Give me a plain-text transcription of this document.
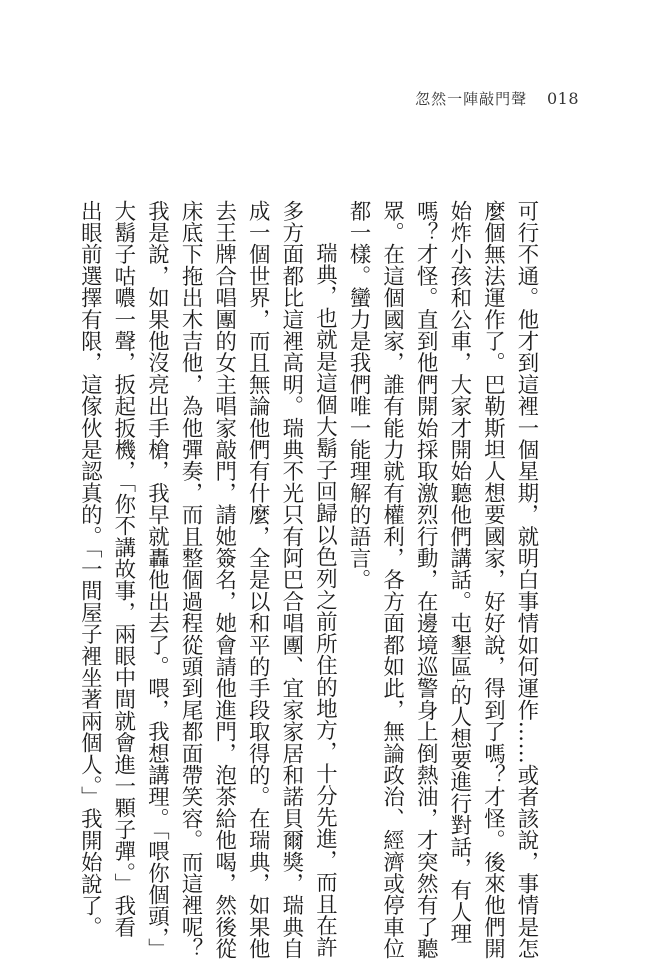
忽然一陣敲門聲 018
可行不通。他才到這裡一個星期，就明白事情如何運作……或者該說，事情是怎
麼個無法運作了。巴勒斯坦人想要國家，好好說，得到了嗎？才怪。後來他們開
始炸小孩和公車，大家才開始聽他們講話。屯墾區1的人想要進行對話，有人理
嗎？才怪。直到他們開始採取激烈行動，在邊境巡警身上倒熱油，才突然有了聽
眾。在這個國家，誰有能力就有權利，各方面都如此，無論政治、經濟或停車位
都一樣。蠻力是我們唯一能理解的語言。
瑞典，也就是這個大鬍子回歸以色列之前所住的地方，十分先進，而且在許
多方面都比這裡高明。瑞典不光只有阿巴合唱團、宜家家居和諾貝爾獎，瑞典自
成一個世界，而且無論他們有什麼，全是以和平的手段取得的。在瑞典，如果他
去王牌合唱團的女主唱家敲門，請她簽名，她會請他進門，泡茶給他喝，然後從
床底下拖出木吉他，為他彈奏，而且整個過程從頭到尾都面帶笑容。而這裡呢？
我是說，如果他沒亮出手槍，我早就轟他出去了。喂，我想講理。「喂你個頭，」
大鬍子咕噥一聲，扳起扳機，「你不講故事，兩眼中間就會進一顆子彈。」我看
出眼前選擇有限，這傢伙是認真的。「一間屋子裡坐著兩個人。」我開始說了。
